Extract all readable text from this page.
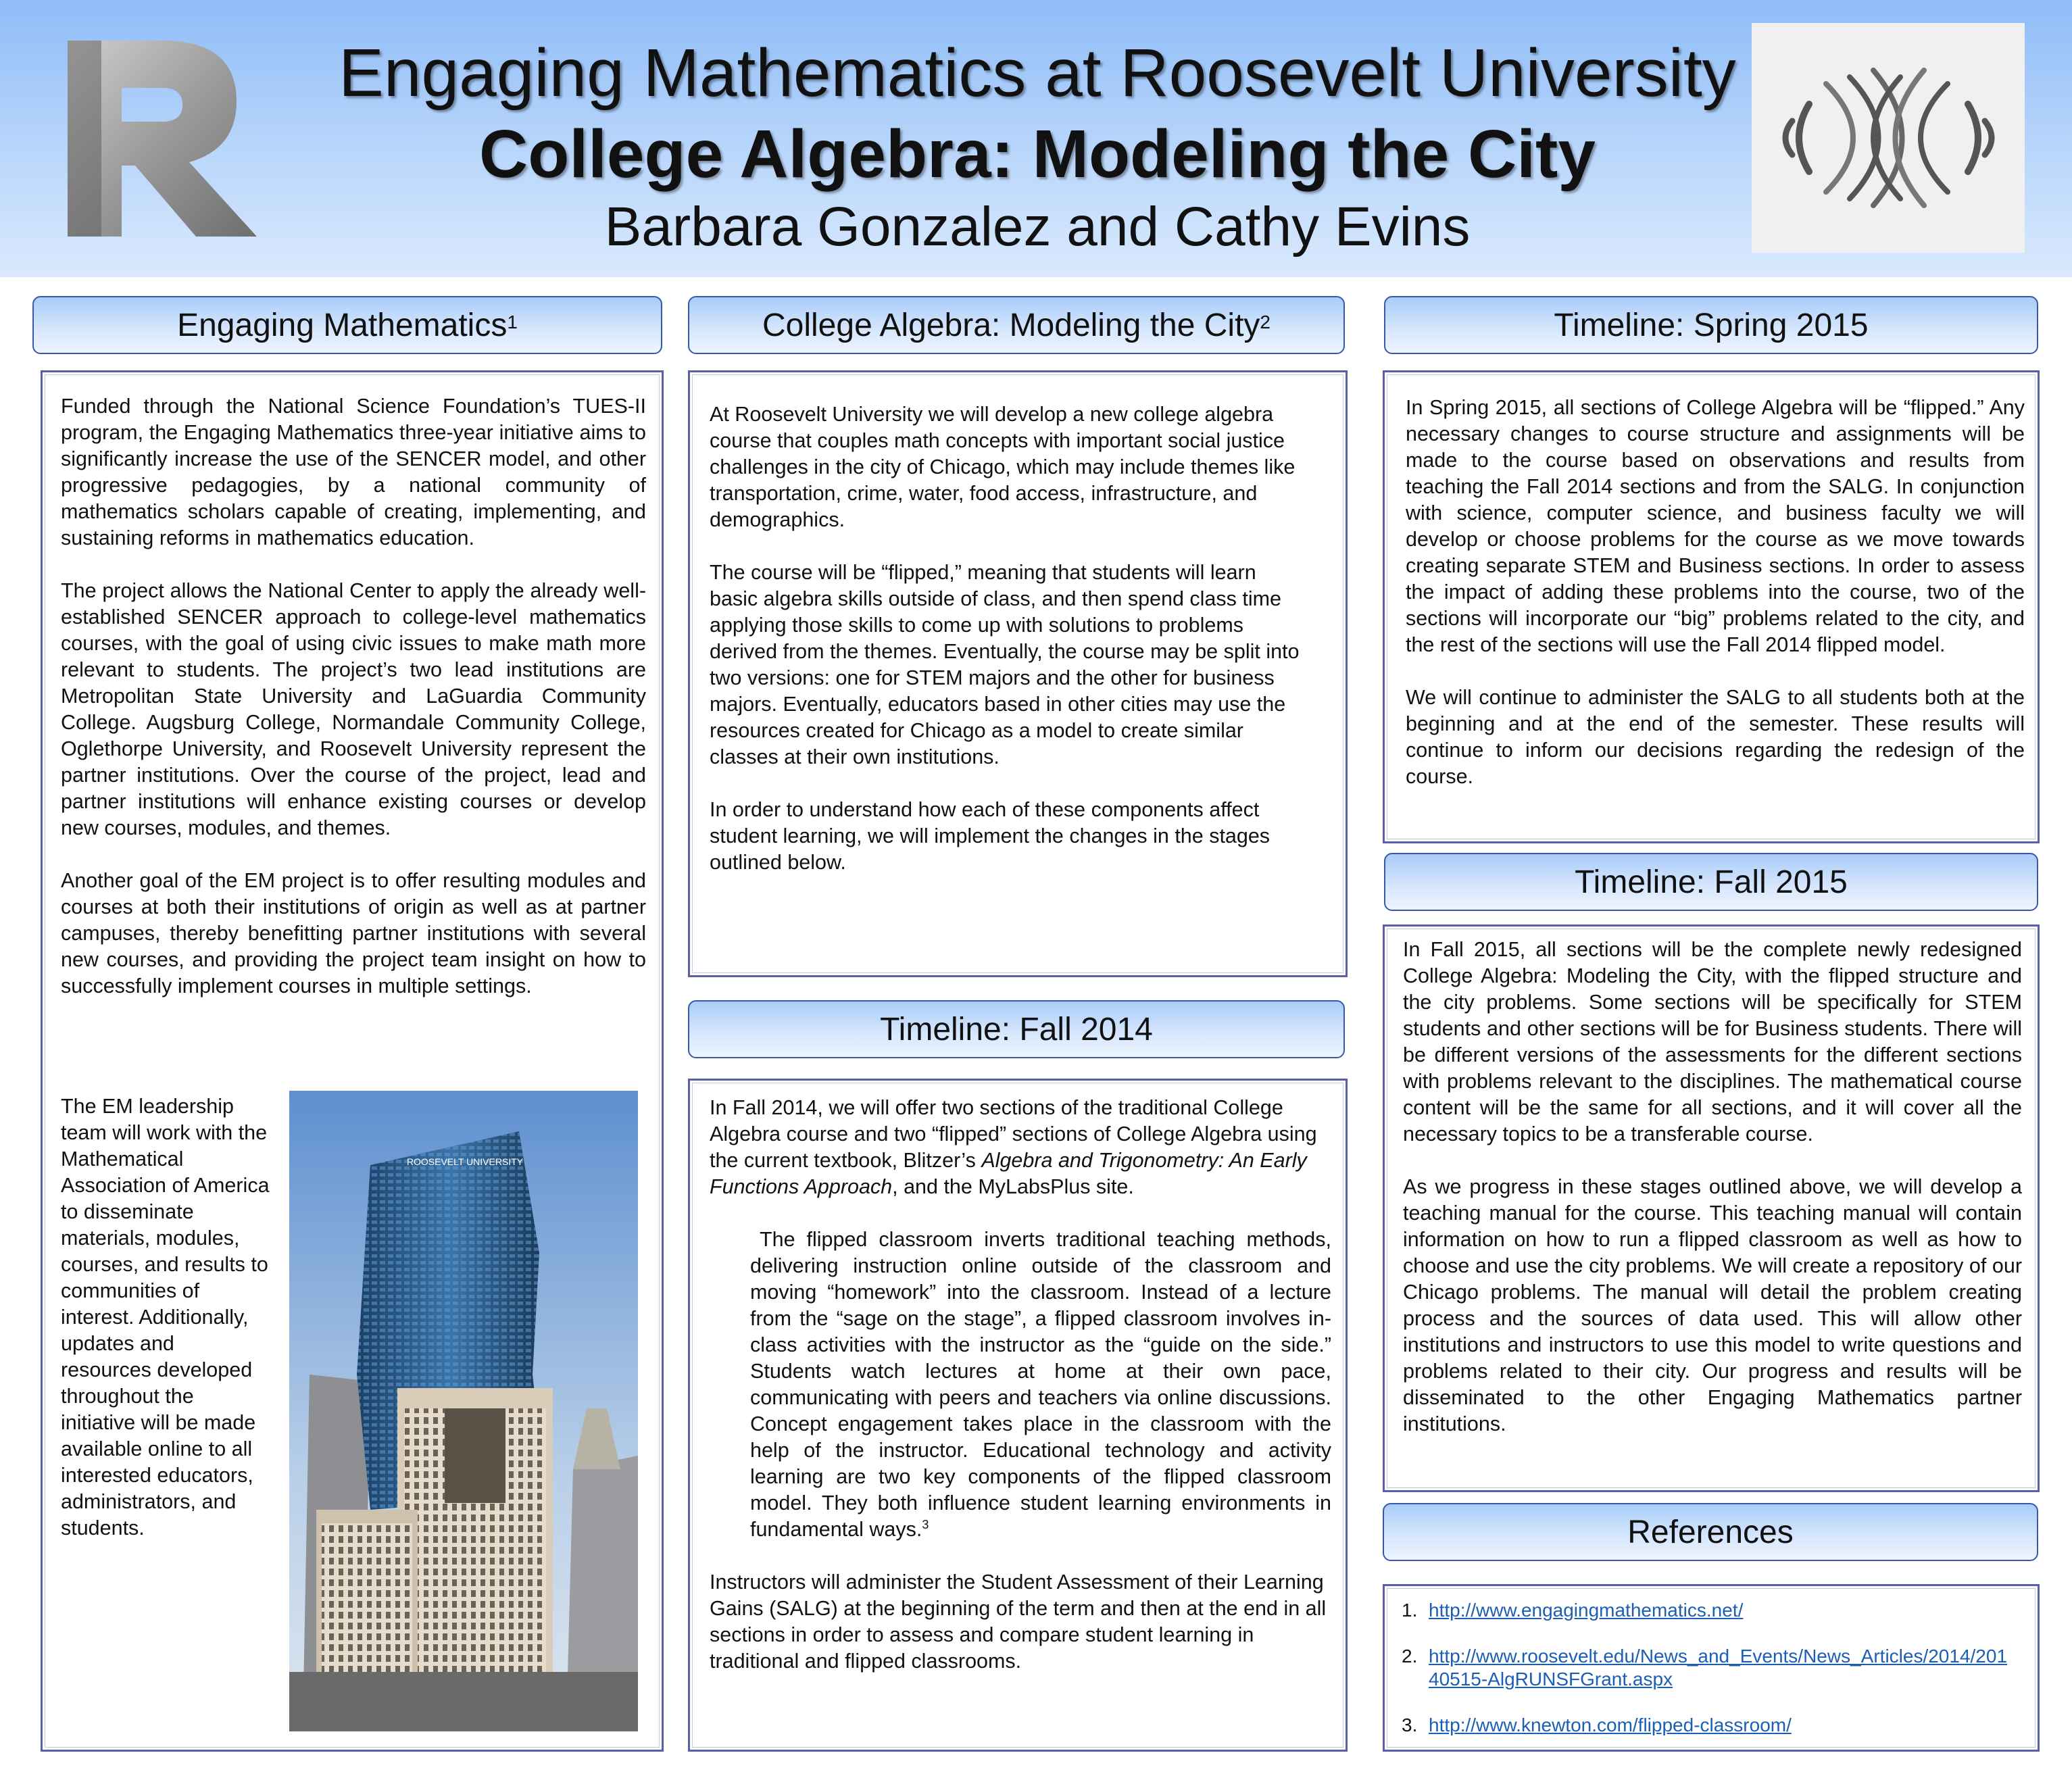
Engaging Mathematics at Roosevelt University
College Algebra: Modeling the City
Barbara Gonzalez and Cathy Evins
Engaging Mathematics$^1$

Funded through the National Science Foundation’s TUES-II program, the Engaging Mathematics three-year initiative aims to significantly increase the use of the SENCER model, and other progressive pedagogies, by a national community of mathematics scholars capable of creating, implementing, and sustaining reforms in mathematics education.

The project allows the National Center to apply the already well-established SENCER approach to college-level mathematics courses, with the goal of using civic issues to make math more relevant to students. The project’s two lead institutions are Metropolitan State University and LaGuardia Community College. Augsburg College, Normandale Community College, Oglethorpe University, and Roosevelt University represent the partner institutions. Over the course of the project, lead and partner institutions will enhance existing courses or develop new courses, modules, and themes.

Another goal of the EM project is to offer resulting modules and courses at both their institutions of origin as well as at partner campuses, thereby benefitting partner institutions with several new courses, and providing the project team insight on how to successfully implement courses in multiple settings.

The EM leadership team will work with the Mathematical Association of America to disseminate materials, modules, courses, and results to communities of interest. Additionally, updates and resources developed throughout the initiative will be made available online to all interested educators, administrators, and students.

ROOSEVELT UNIVERSITY
College Algebra: Modeling the City$^2$

At Roosevelt University we will develop a new college algebra course that couples math concepts with important social justice challenges in the city of Chicago, which may include themes like transportation, crime, water, food access, infrastructure, and demographics.

The course will be “flipped,” meaning that students will learn basic algebra skills outside of class, and then spend class time applying those skills to come up with solutions to problems derived from the themes. Eventually, the course may be split into two versions: one for STEM majors and the other for business majors. Eventually, educators based in other cities may use the resources created for Chicago as a model to create similar classes at their own institutions.

In order to understand how each of these components affect student learning, we will implement the changes in the stages outlined below.

Timeline: Fall 2014

In Fall 2014, we will offer two sections of the traditional College Algebra course and two “flipped” sections of College Algebra using the current textbook, Blitzer’s Algebra and Trigonometry: An Early Functions Approach, and the MyLabsPlus site.

The flipped classroom inverts traditional teaching methods, delivering instruction online outside of the classroom and moving “homework” into the classroom. Instead of a lecture from the “sage on the stage”, a flipped classroom involves in-class activities with the instructor as the “guide on the side.” Students watch lectures at home at their own pace, communicating with peers and teachers via online discussions. Concept engagement takes place in the classroom with the help of the instructor. Educational technology and activity learning are two key components of the flipped classroom model. They both influence student learning environments in fundamental ways.$^3$

Instructors will administer the Student Assessment of their Learning Gains (SALG) at the beginning of the term and then at the end in all sections in order to assess and compare student learning in traditional and flipped classrooms.

Timeline: Spring 2015

In Spring 2015, all sections of College Algebra will be “flipped.” Any necessary changes to course structure and assignments will be made to the course based on observations and results from teaching the Fall 2014 sections and from the SALG. In conjunction with science, computer science, and business faculty we will develop or choose problems for the course as we move towards creating separate STEM and Business sections. In order to assess the impact of adding these problems into the course, two of the sections will incorporate our “big” problems related to the city, and the rest of the sections will use the Fall 2014 flipped model.

We will continue to administer the SALG to all students both at the beginning and at the end of the semester. These results will continue to inform our decisions regarding the redesign of the course.

Timeline: Fall 2015

In Fall 2015, all sections will be the complete newly redesigned College Algebra: Modeling the City, with the flipped structure and the city problems. Some sections will be specifically for STEM students and other sections will be for Business students. There will be different versions of the assessments for the different sections with problems relevant to the disciplines. The mathematical course content will be the same for all sections, and it will cover all the necessary topics to be a transferable course.

As we progress in these stages outlined above, we will develop a teaching manual for the course. This teaching manual will contain information on how to run a flipped classroom as well as how to choose and use the city problems. We will create a repository of our Chicago problems. The manual will detail the problem creating process and the sources of data used. This will allow other institutions and instructors to use this model to write questions and problems related to their city. Our progress and results will be disseminated to the other Engaging Mathematics partner institutions.

References
1. http://www.engagingmathematics.net/
2. http://www.roosevelt.edu/News_and_Events/News_Articles/2014/20140515-AlgRUNSFGrant.aspx
3. http://www.knewton.com/flipped-classroom/
